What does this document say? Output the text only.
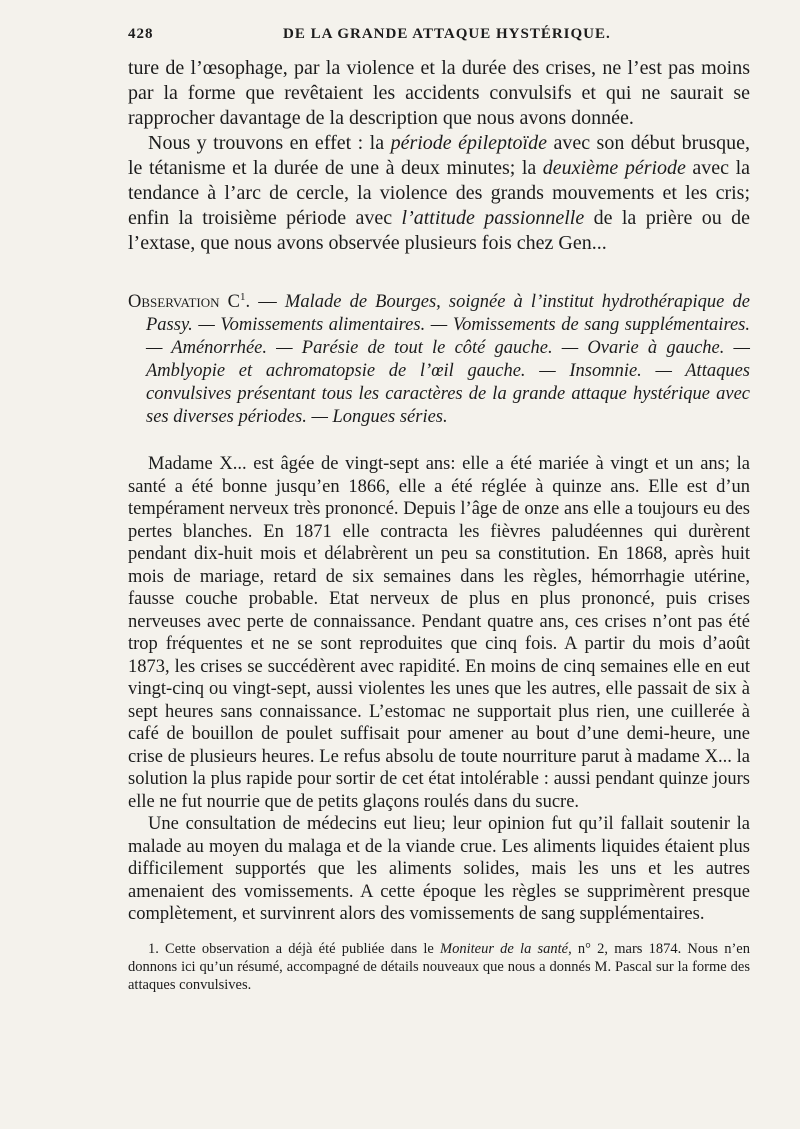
428	DE LA GRANDE ATTAQUE HYSTÉRIQUE.

ture de l’œsophage, par la violence et la durée des crises, ne l’est pas moins par la forme que revêtaient les accidents convulsifs et qui ne saurait se rapprocher davantage de la description que nous avons donnée.

Nous y trouvons en effet : la période épileptoïde avec son début brusque, le tétanisme et la durée de une à deux minutes; la deuxième période avec la tendance à l’arc de cercle, la violence des grands mouvements et les cris; enfin la troisième période avec l’attitude passionnelle de la prière ou de l’extase, que nous avons observée plusieurs fois chez Gen...

Observation $C^1$. — Malade de Bourges, soignée à l’institut hydrothérapique de Passy. — Vomissements alimentaires. — Vomissements de sang supplémentaires. — Aménorrhée. — Parésie de tout le côté gauche. — Ovarie à gauche. — Amblyopie et achromatopsie de l’œil gauche. — Insomnie. — Attaques convulsives présentant tous les caractères de la grande attaque hystérique avec ses diverses périodes. — Longues séries.

Madame X... est âgée de vingt-sept ans: elle a été mariée à vingt et un ans; la santé a été bonne jusqu’en 1866, elle a été réglée à quinze ans. Elle est d’un tempérament nerveux très prononcé. Depuis l’âge de onze ans elle a toujours eu des pertes blanches. En 1871 elle contracta les fièvres paludéennes qui durèrent pendant dix-huit mois et délabrèrent un peu sa constitution. En 1868, après huit mois de mariage, retard de six semaines dans les règles, hémorrhagie utérine, fausse couche probable. Etat nerveux de plus en plus prononcé, puis crises nerveuses avec perte de connaissance. Pendant quatre ans, ces crises n’ont pas été trop fréquentes et ne se sont reproduites que cinq fois. A partir du mois d’août 1873, les crises se succédèrent avec rapidité. En moins de cinq semaines elle en eut vingt-cinq ou vingt-sept, aussi violentes les unes que les autres, elle passait de six à sept heures sans connaissance. L’estomac ne supportait plus rien, une cuillerée à café de bouillon de poulet suffisait pour amener au bout d’une demi-heure, une crise de plusieurs heures. Le refus absolu de toute nourriture parut à madame X... la solution la plus rapide pour sortir de cet état intolérable : aussi pendant quinze jours elle ne fut nourrie que de petits glaçons roulés dans du sucre.

Une consultation de médecins eut lieu; leur opinion fut qu’il fallait soutenir la malade au moyen du malaga et de la viande crue. Les aliments liquides étaient plus difficilement supportés que les aliments solides, mais les uns et les autres amenaient des vomissements. A cette époque les règles se supprimèrent presque complètement, et survinrent alors des vomissements de sang supplémentaires.

1. Cette observation a déjà été publiée dans le Moniteur de la santé, n° 2, mars 1874. Nous n’en donnons ici qu’un résumé, accompagné de détails nouveaux que nous a donnés M. Pascal sur la forme des attaques convulsives.
